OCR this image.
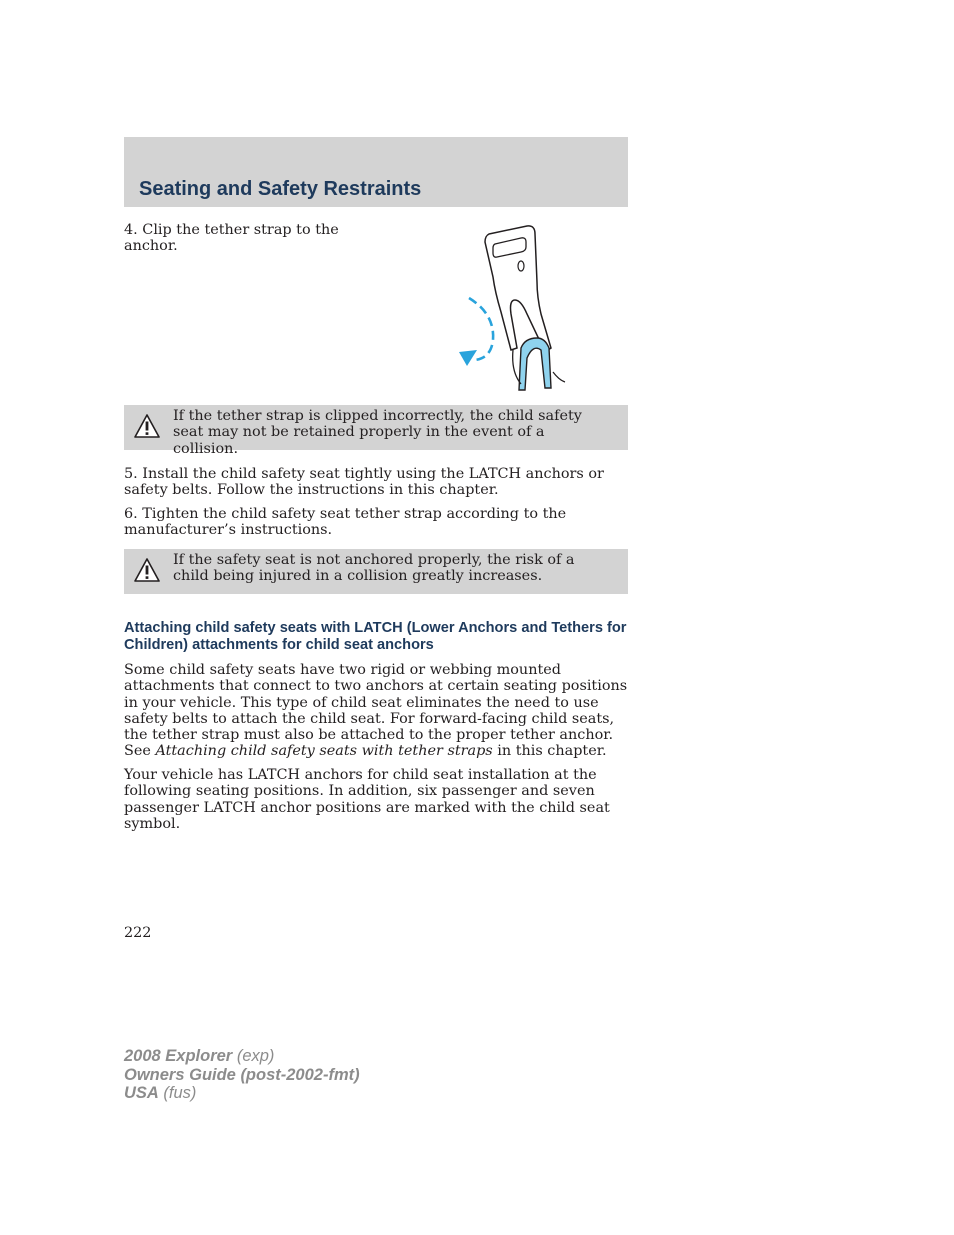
Seating and Safety Restraints

4. Clip the tether strap to the anchor.

If the tether strap is clipped incorrectly, the child safety seat may not be retained properly in the event of a collision.

5. Install the child safety seat tightly using the LATCH anchors or safety belts. Follow the instructions in this chapter.

6. Tighten the child safety seat tether strap according to the manufacturer’s instructions.

If the safety seat is not anchored properly, the risk of a child being injured in a collision greatly increases.

Attaching child safety seats with LATCH (Lower Anchors and Tethers for Children) attachments for child seat anchors

Some child safety seats have two rigid or webbing mounted attachments that connect to two anchors at certain seating positions in your vehicle. This type of child seat eliminates the need to use safety belts to attach the child seat. For forward-facing child seats, the tether strap must also be attached to the proper tether anchor. See Attaching child safety seats with tether straps in this chapter.

Your vehicle has LATCH anchors for child seat installation at the following seating positions. In addition, six passenger and seven passenger LATCH anchor positions are marked with the child seat symbol.

222

2008 Explorer (exp)
Owners Guide (post-2002-fmt)
USA (fus)
